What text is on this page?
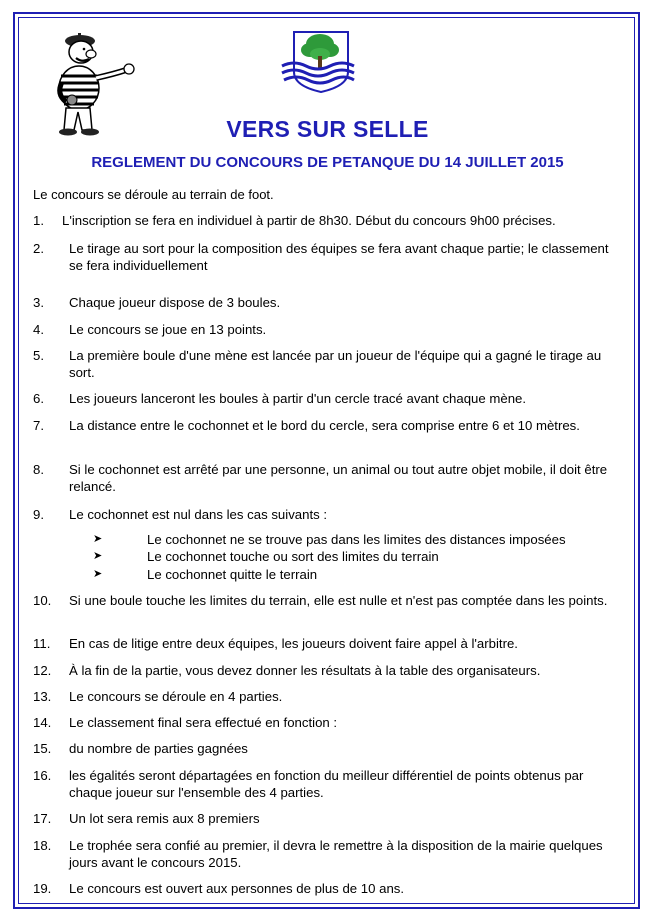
VERS SUR SELLE
REGLEMENT DU CONCOURS DE PETANQUE DU 14 JUILLET 2015
Le concours se déroule au terrain de foot.
1. L'inscription se fera en individuel à partir de 8h30. Début du concours 9h00 précises.
2. Le tirage au sort pour la composition des équipes se fera avant chaque partie; le classement se fera individuellement
3. Chaque joueur dispose de 3 boules.
4. Le concours se joue en 13 points.
5. La première boule d'une mène est lancée par un joueur de l'équipe qui a gagné le tirage au sort.
6. Les joueurs lanceront les boules à partir d'un cercle tracé avant chaque mène.
7. La distance entre le cochonnet et le bord du cercle, sera comprise entre 6 et 10 mètres.
8. Si le cochonnet est arrêté par une personne, un animal ou tout autre objet mobile, il doit être relancé.
9. Le cochonnet est nul dans les cas suivants :
➤	Le cochonnet ne se trouve pas dans les limites des distances imposées
➤	Le cochonnet touche ou sort des limites du terrain
➤	Le cochonnet quitte le terrain
10. Si une boule touche les limites du terrain, elle est nulle et n'est pas comptée dans les points.
11. En cas de litige entre deux équipes, les joueurs doivent faire appel à l'arbitre.
12. À la fin de la partie, vous devez donner les résultats à la table des organisateurs.
13. Le concours se déroule en 4 parties.
14. Le classement final sera effectué en fonction :
15. du nombre de parties gagnées
16. les égalités seront départagées en fonction du meilleur différentiel de points obtenus par chaque joueur sur l'ensemble des 4 parties.
17. Un lot sera remis aux 8 premiers
18. Le trophée sera confié au premier, il devra le remettre à la disposition de la mairie quelques jours avant le concours 2015.
19. Le concours est ouvert aux personnes de plus de 10 ans.
